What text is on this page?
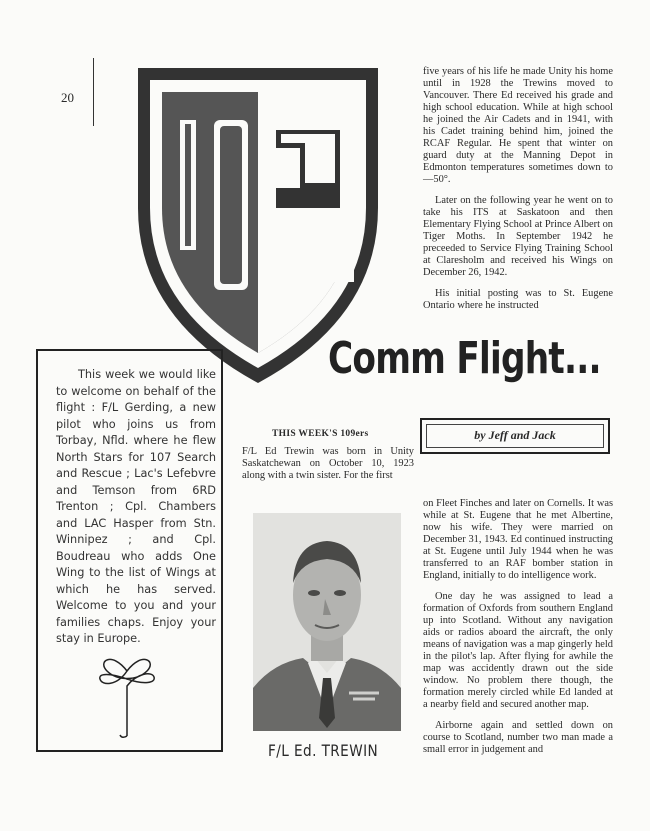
20

five years of his life he made Unity his home until in 1928 the Trewins moved to Vancouver. There Ed received his grade and high school education. While at high school he joined the Air Cadets and in 1941, with his Cadet training behind him, joined the RCAF Regular. He spent that winter on guard duty at the Manning Depot in Edmonton temperatures sometimes down to —50°.

Later on the following year he went on to take his ITS at Saskatoon and then Elementary Flying School at Prince Albert on Tiger Moths. In September 1942 he preceeded to Service Flying Training School at Claresholm and received his Wings on December 26, 1942.

His initial posting was to St. Eugene Ontario where he instructed

This week we would like to welcome on behalf of the flight : F/L Gerding, a new pilot who joins us from Torbay, Nfld. where he flew North Stars for 107 Search and Rescue ; Lac's Lefebvre and Temson from 6RD Trenton ; Cpl. Chambers and LAC Hasper from Stn. Winnipez ; and Cpl. Boudreau who adds One Wing to the list of Wings at which he has served. Welcome to you and your families chaps. Enjoy your stay in Europe.
Comm Flight...
by Jeff and Jack
THIS WEEK'S 109ers

F/L Ed Trewin was born in Unity Saskatchewan on October 10, 1923 along with a twin sister. For the first

F/L Ed. TREWIN

on Fleet Finches and later on Cornells. It was while at St. Eugene that he met Albertine, now his wife. They were married on December 31, 1943. Ed continued instructing at St. Eugene until July 1944 when he was transferred to an RAF bomber station in England, initially to do intelligence work.

One day he was assigned to lead a formation of Oxfords from southern England up into Scotland. Without any navigation aids or radios aboard the aircraft, the only means of navigation was a map gingerly held in the pilot's lap. After flying for awhile the map was accidently drawn out the side window. No problem there though, the formation merely circled while Ed landed at a nearby field and secured another map.

Airborne again and settled down on course to Scotland, number two man made a small error in judgement and
